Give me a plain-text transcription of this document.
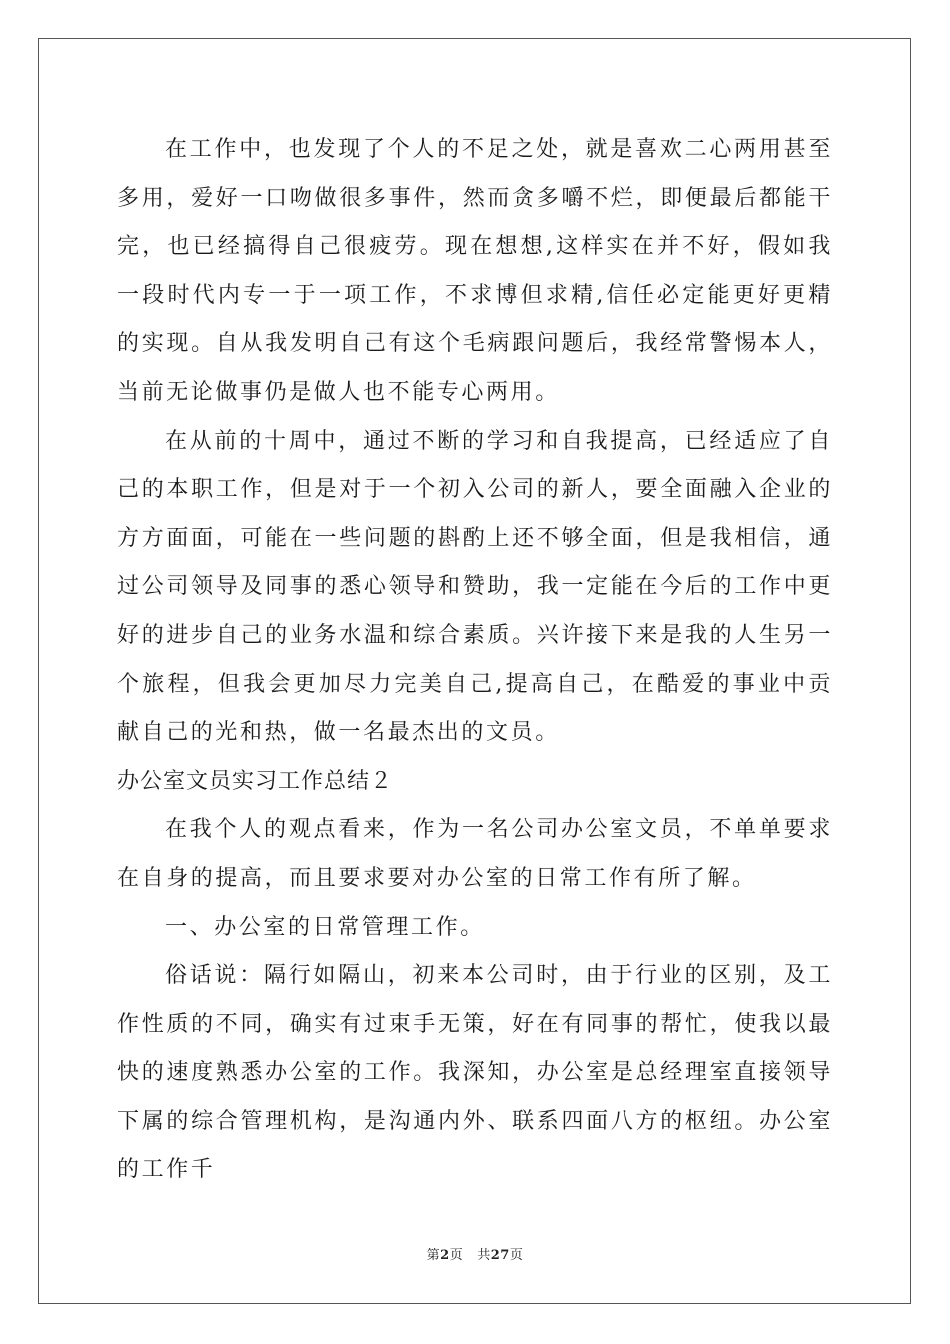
在工作中，也发现了个人的不足之处，就是喜欢二心两用甚至多用，爱好一口吻做很多事件，然而贪多嚼不烂，即便最后都能干完，也已经搞得自己很疲劳。现在想想,这样实在并不好，假如我一段时代内专一于一项工作，不求博但求精,信任必定能更好更精的实现。自从我发明自己有这个毛病跟问题后，我经常警惕本人，当前无论做事仍是做人也不能专心两用。

在从前的十周中，通过不断的学习和自我提高，已经适应了自己的本职工作，但是对于一个初入公司的新人，要全面融入企业的方方面面，可能在一些问题的斟酌上还不够全面，但是我相信，通过公司领导及同事的悉心领导和赞助，我一定能在今后的工作中更好的进步自己的业务水温和综合素质。兴许接下来是我的人生另一个旅程，但我会更加尽力完美自己,提高自己，在酷爱的事业中贡献自己的光和热，做一名最杰出的文员。

办公室文员实习工作总结２

在我个人的观点看来，作为一名公司办公室文员，不单单要求在自身的提高，而且要求要对办公室的日常工作有所了解。

一、办公室的日常管理工作。

俗话说：隔行如隔山，初来本公司时，由于行业的区别，及工作性质的不同，确实有过束手无策，好在有同事的帮忙，使我以最快的速度熟悉办公室的工作。我深知，办公室是总经理室直接领导下属的综合管理机构，是沟通内外、联系四面八方的枢纽。办公室的工作千

第2页 共27页
